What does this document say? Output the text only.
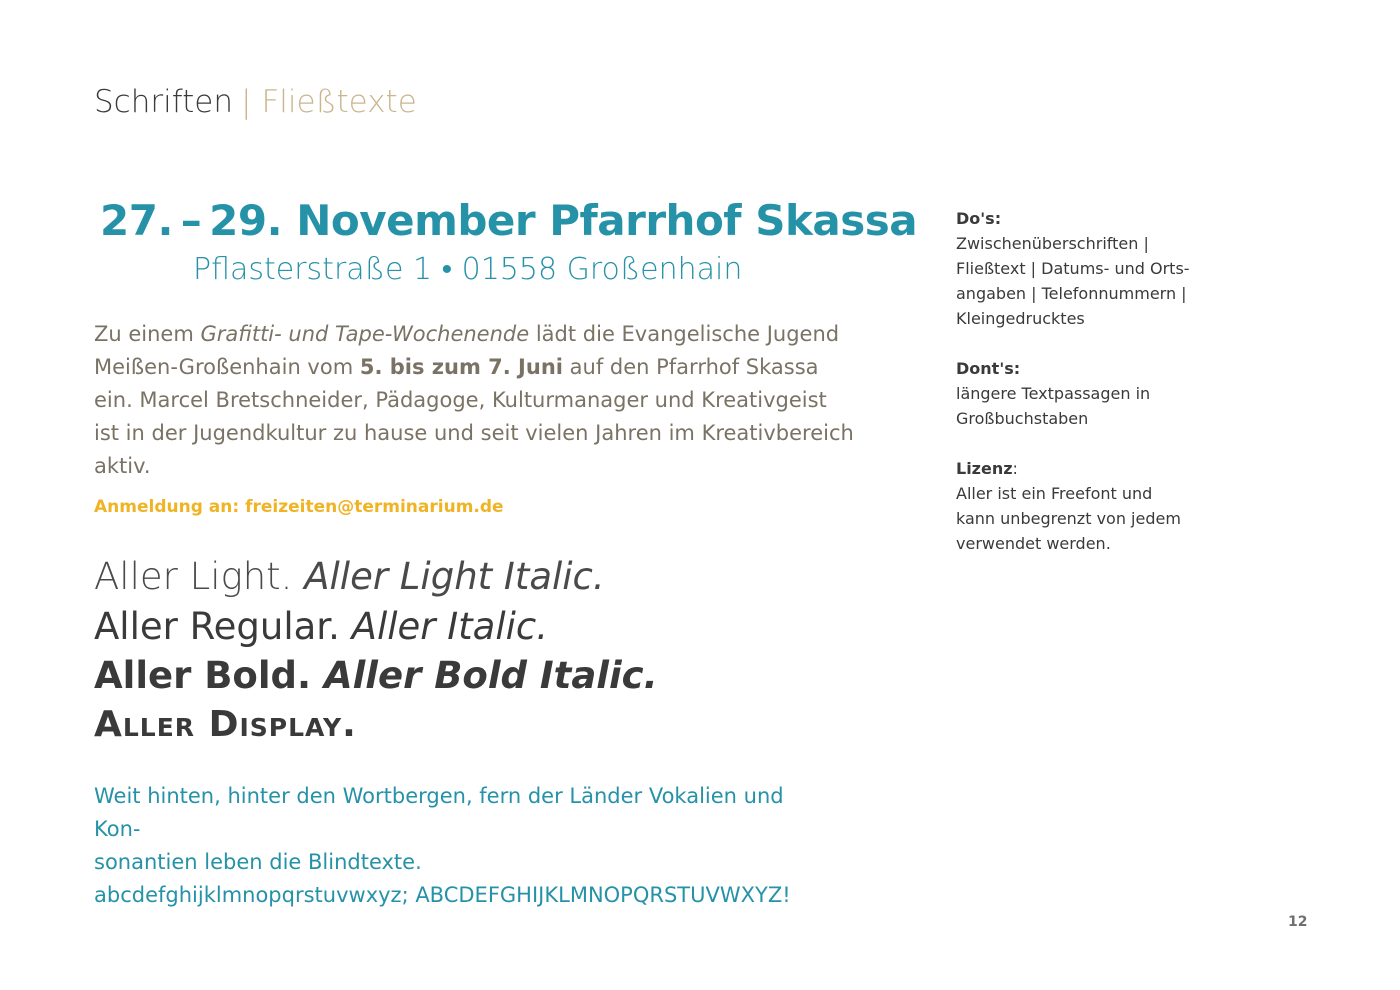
Schriften | Fließtexte
27. – 29. November Pfarrhof Skassa
Pflasterstraße 1 • 01558 Großenhain
Zu einem Grafitti- und Tape-Wochenende lädt die Evangelische Jugend Meißen-Großenhain vom 5. bis zum 7. Juni auf den Pfarrhof Skassa ein. Marcel Bretschneider, Pädagoge, Kulturmanager und Kreativgeist ist in der Jugendkultur zu hause und seit vielen Jahren im Kreativbereich aktiv.
Anmeldung an: freizeiten@terminarium.de
Aller Light. Aller Light Italic.
Aller Regular. Aller Italic.
Aller Bold. Aller Bold Italic.
Aller Display.
Weit hinten, hinter den Wortbergen, fern der Länder Vokalien und Kon-
sonantien leben die Blindtexte.
abcdefghijklmnopqrstuvwxyz; ABCDEFGHIJKLMNOPQRSTUVWXYZ!
Do's:
Zwischenüberschriften | Fließtext | Datums- und Orts-angaben | Telefonnummern | Kleingedrucktes
Dont's:
längere Textpassagen in Großbuchstaben
Lizenz:
Aller ist ein Freefont und kann unbegrenzt von jedem verwendet werden.
12
